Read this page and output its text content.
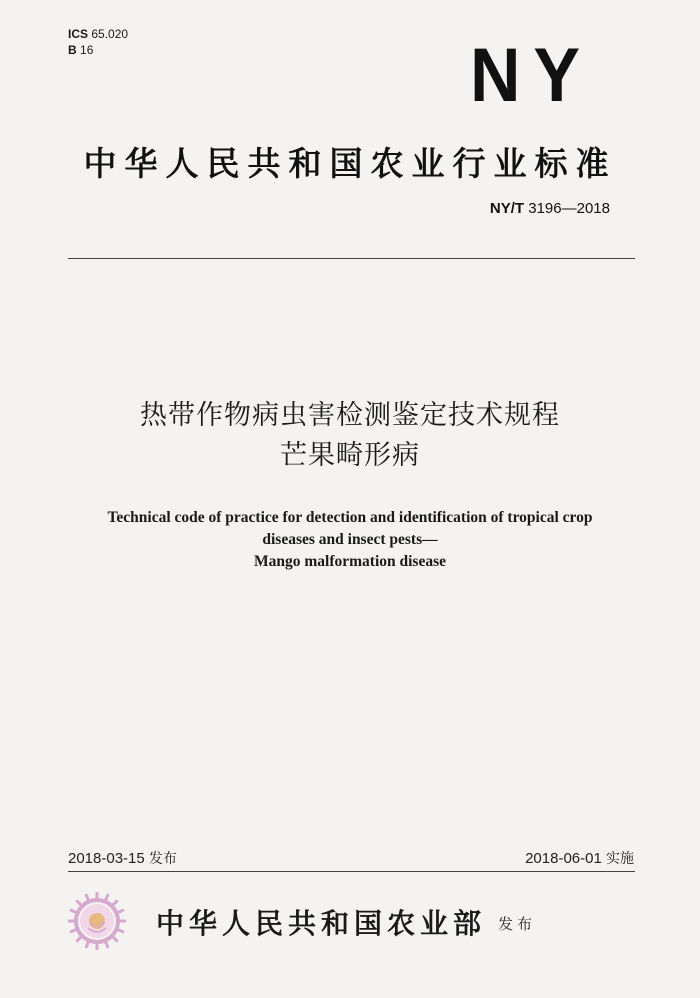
ICS 65.020
B 16	NY
中华人民共和国农业行业标准
NY/T 3196—2018
热带作物病虫害检测鉴定技术规程
芒果畸形病
Technical code of practice for detection and identification of tropical crop
diseases and insect pests—
Mango malformation disease
2018-03-15 发布	2018-06-01 实施
中华人民共和国农业部 发布
